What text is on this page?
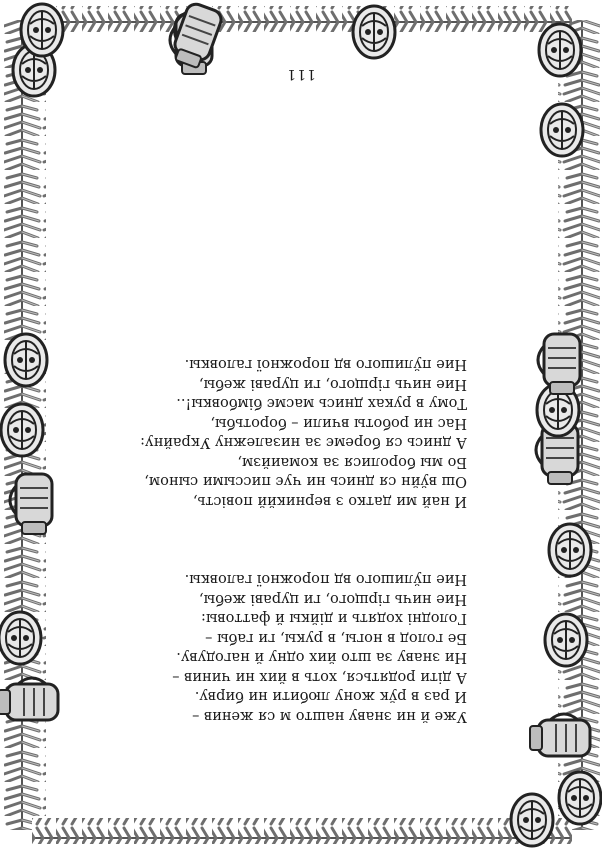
Уже й ни знаву нашто м ся женив –
И раз в рўк жону любити ни бирву.
А діти родяться, хоть в йих ни чинив –
Ни знаву за што йих одну й нагодуву.
Бе голод в ногы, в рукы, ги габы –
Голодні ходять и дійкы й фаттовы:
Ние ничь гірщого, ги цураві жебы,
Ние пўлишого вд порожної галовкы.
И най ми датко з верникйй повість,
Ош вўйн ся днись ни чує писсыми сыном,
Бо мы боролися за комаийзм,
А днись ся боремє за низалежну Украйну:
Нас ни роботы вчили – боротьбы,
Тому в руках днись масмє бімбовкы!..
Ние ничь гірщого, ги цураві жебы,
Ние пўлишого вд порожної галовкы.
111
